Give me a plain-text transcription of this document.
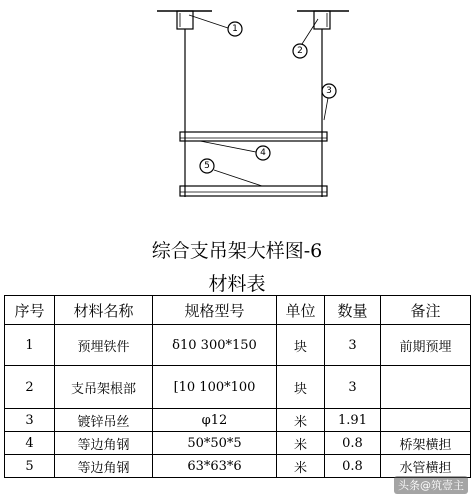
1
2
3
4
5
综合支吊架大样图-6
材料表
序号	材料名称	规格型号	单位	数量	备注
1	预埋铁件	δ10 300*150	块	3	前期预埋
2	支吊架根部	[10 100*100	块	3	
3	镀锌吊丝	φ12	米	1.91	
4	等边角钢	50*50*5	米	0.8	桥架横担
5	等边角钢	63*63*6	米	0.8	水管横担
头条@筑壹主
